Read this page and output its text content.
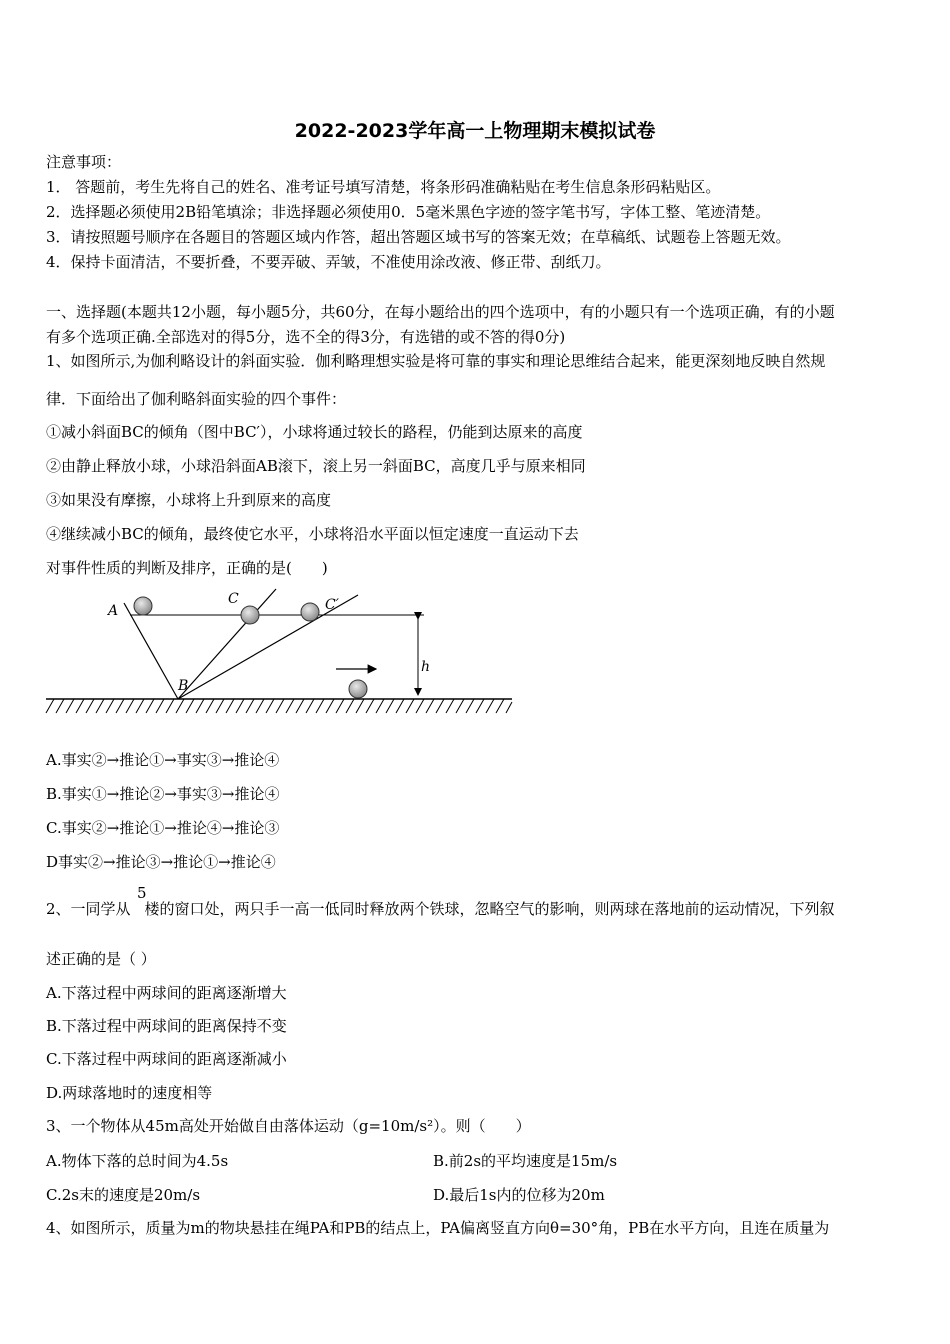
2022-2023学年高一上物理期末模拟试卷
注意事项：
1． 答题前，考生先将自己的姓名、准考证号填写清楚，将条形码准确粘贴在考生信息条形码粘贴区。
2．选择题必须使用2B铅笔填涂；非选择题必须使用0．5毫米黑色字迹的签字笔书写，字体工整、笔迹清楚。
3．请按照题号顺序在各题目的答题区域内作答，超出答题区域书写的答案无效；在草稿纸、试题卷上答题无效。
4．保持卡面清洁，不要折叠，不要弄破、弄皱，不准使用涂改液、修正带、刮纸刀。
一、选择题(本题共12小题，每小题5分，共60分，在每小题给出的四个选项中，有的小题只有一个选项正确，有的小题
有多个选项正确.全部选对的得5分，选不全的得3分，有选错的或不答的得0分)
1、如图所示,为伽利略设计的斜面实验．伽利略理想实验是将可靠的事实和理论思维结合起来，能更深刻地反映自然规
律．下面给出了伽利略斜面实验的四个事件：
①减小斜面BC的倾角（图中BC′），小球将通过较长的路程，仍能到达原来的高度
②由静止释放小球，小球沿斜面AB滚下，滚上另一斜面BC，高度几乎与原来相同
③如果没有摩擦，小球将上升到原来的高度
④继续减小BC的倾角，最终使它水平，小球将沿水平面以恒定速度一直运动下去
对事件性质的判断及排序，正确的是(　　)
A
B
C	C′
h
A.事实②→推论①→事实③→推论④
B.事实①→推论②→事实③→推论④
C.事实②→推论①→推论④→推论③
D事实②→推论③→推论①→推论④
2、一同学从 楼的窗口处，两只手一高一低同时释放两个铁球，忽略空气的影响，则两球在落地前的运动情况，下列叙
5
述正确的是（ ）
A.下落过程中两球间的距离逐渐增大
B.下落过程中两球间的距离保持不变
C.下落过程中两球间的距离逐渐减小
D.两球落地时的速度相等
3、一个物体从45m高处开始做自由落体运动（g=10m/s²）。则（　　）
A.物体下落的总时间为4.5s	B.前2s的平均速度是15m/s
C.2s末的速度是20m/s	D.最后1s内的位移为20m
4、如图所示，质量为m的物块悬挂在绳PA和PB的结点上，PA偏离竖直方向θ=30°角，PB在水平方向，且连在质量为
